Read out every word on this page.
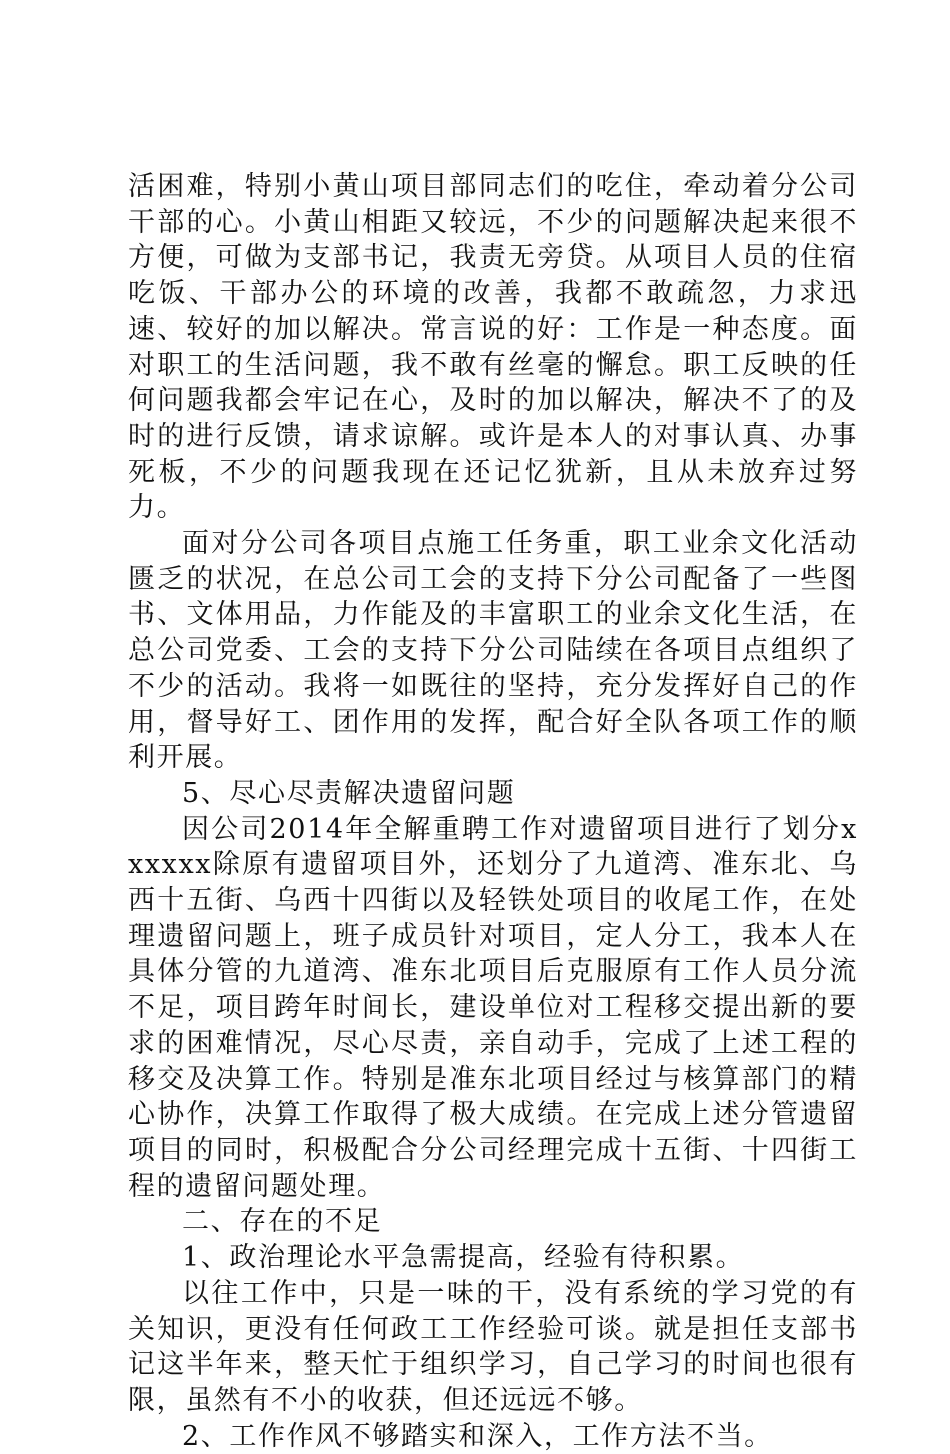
活困难，特别小黄山项目部同志们的吃住，牵动着分公司干部的心。小黄山相距又较远，不少的问题解决起来很不方便，可做为支部书记，我责无旁贷。从项目人员的住宿吃饭、干部办公的环境的改善，我都不敢疏忽，力求迅速、较好的加以解决。常言说的好：工作是一种态度。面对职工的生活问题，我不敢有丝毫的懈怠。职工反映的任何问题我都会牢记在心，及时的加以解决，解决不了的及时的进行反馈，请求谅解。或许是本人的对事认真、办事死板，不少的问题我现在还记忆犹新，且从未放弃过努力。

面对分公司各项目点施工任务重，职工业余文化活动匮乏的状况，在总公司工会的支持下分公司配备了一些图书、文体用品，力作能及的丰富职工的业余文化生活，在总公司党委、工会的支持下分公司陆续在各项目点组织了不少的活动。我将一如既往的坚持，充分发挥好自己的作用，督导好工、团作用的发挥，配合好全队各项工作的顺利开展。

5、尽心尽责解决遗留问题

因公司2014年全解重聘工作对遗留项目进行了划分xxxxxx除原有遗留项目外，还划分了九道湾、准东北、乌西十五街、乌西十四街以及轻铁处项目的收尾工作，在处理遗留问题上，班子成员针对项目，定人分工，我本人在具体分管的九道湾、准东北项目后克服原有工作人员分流不足，项目跨年时间长，建设单位对工程移交提出新的要求的困难情况，尽心尽责，亲自动手，完成了上述工程的移交及决算工作。特别是准东北项目经过与核算部门的精心协作，决算工作取得了极大成绩。在完成上述分管遗留项目的同时，积极配合分公司经理完成十五街、十四街工程的遗留问题处理。

二、存在的不足

1、政治理论水平急需提高，经验有待积累。

以往工作中，只是一味的干，没有系统的学习党的有关知识，更没有任何政工工作经验可谈。就是担任支部书记这半年来，整天忙于组织学习，自己学习的时间也很有限，虽然有不小的收获，但还远远不够。

2、工作作风不够踏实和深入，工作方法不当。
